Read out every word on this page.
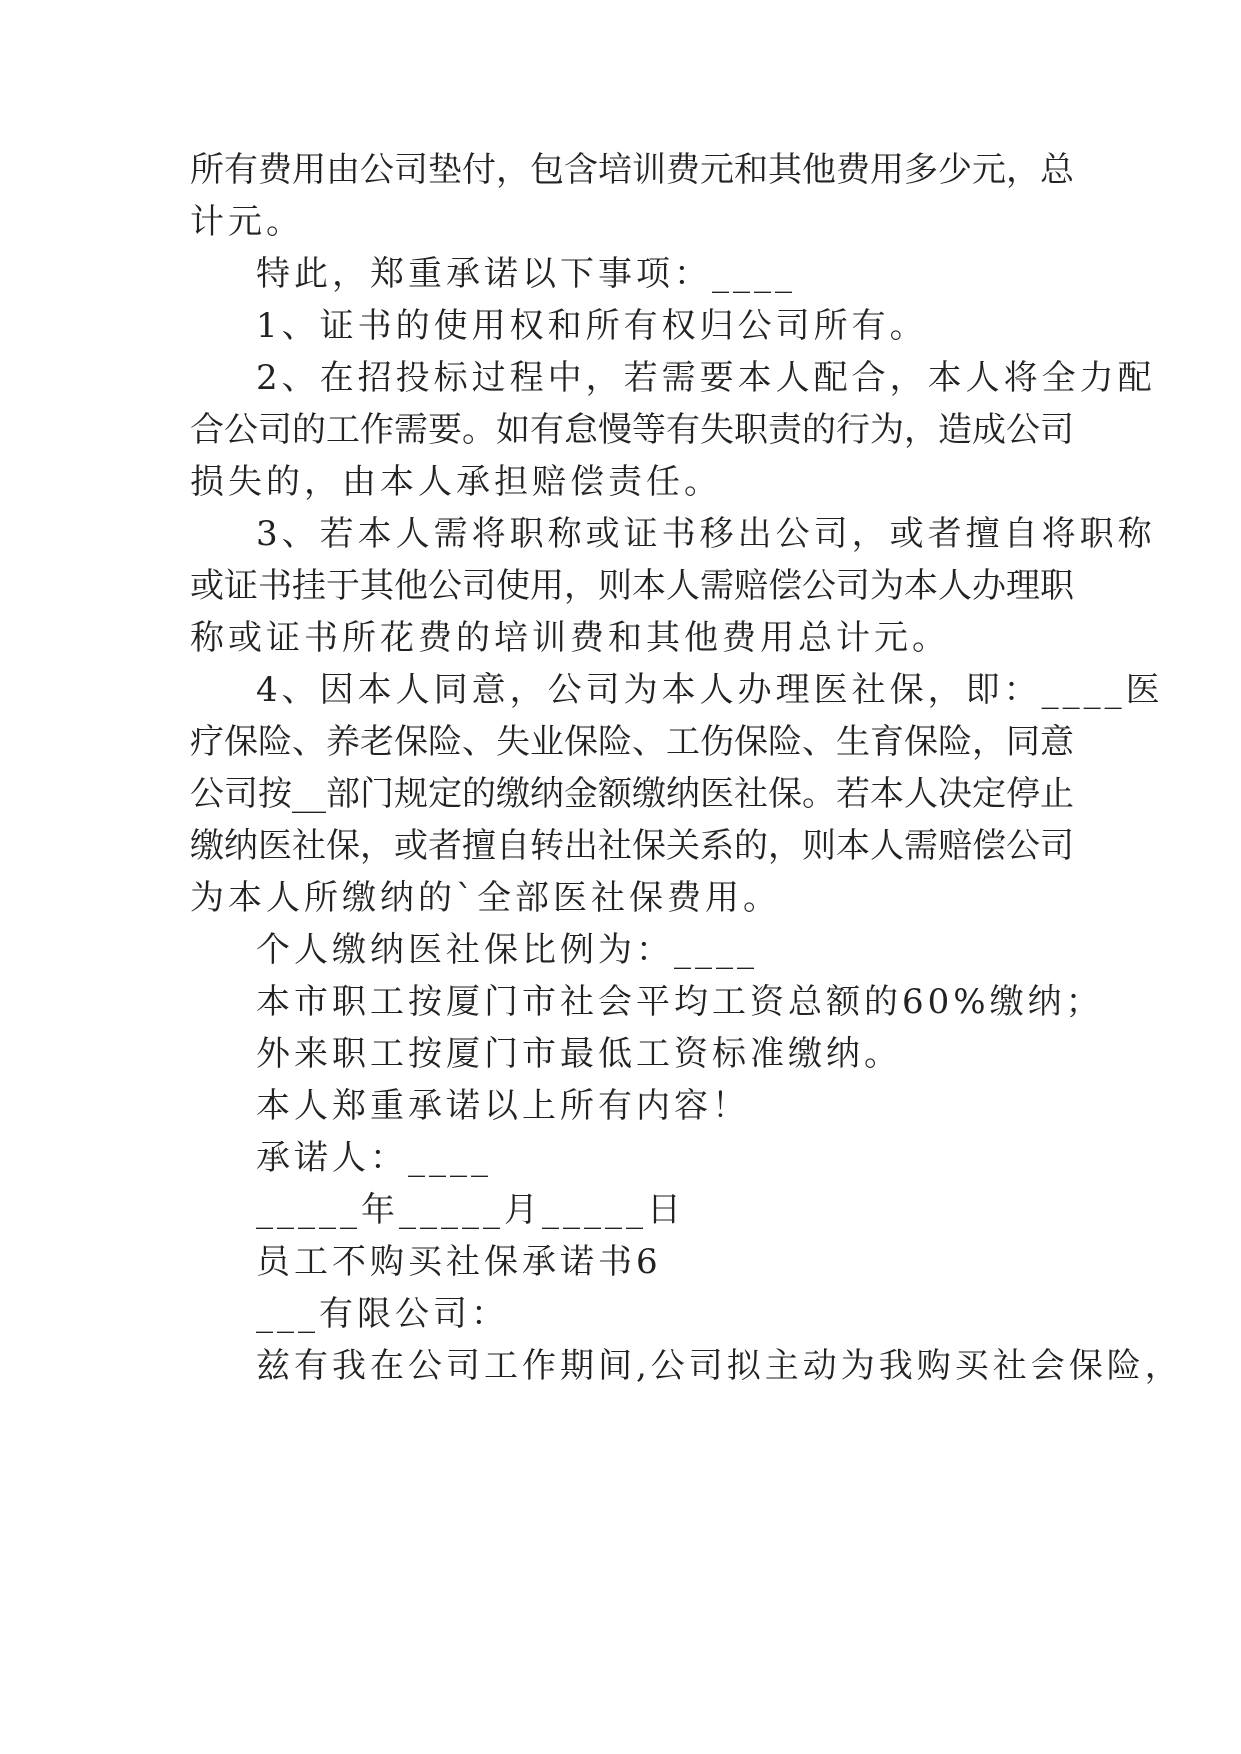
所有费用由公司垫付，包含培训费元和其他费用多少元，总
计元。
特此，郑重承诺以下事项：____
1、证书的使用权和所有权归公司所有。
2、在招投标过程中，若需要本人配合，本人将全力配
合公司的工作需要。如有怠慢等有失职责的行为，造成公司
损失的，由本人承担赔偿责任。
3、若本人需将职称或证书移出公司，或者擅自将职称
或证书挂于其他公司使用，则本人需赔偿公司为本人办理职
称或证书所花费的培训费和其他费用总计元。
4、因本人同意，公司为本人办理医社保，即：____医
疗保险、养老保险、失业保险、工伤保险、生育保险，同意
公司按__部门规定的缴纳金额缴纳医社保。若本人决定停止
缴纳医社保，或者擅自转出社保关系的，则本人需赔偿公司
为本人所缴纳的`全部医社保费用。
个人缴纳医社保比例为：____
本市职工按厦门市社会平均工资总额的60%缴纳；
外来职工按厦门市最低工资标准缴纳。
本人郑重承诺以上所有内容！
承诺人：____
_____年_____月_____日
员工不购买社保承诺书6
___有限公司：
兹有我在公司工作期间,公司拟主动为我购买社会保险，
